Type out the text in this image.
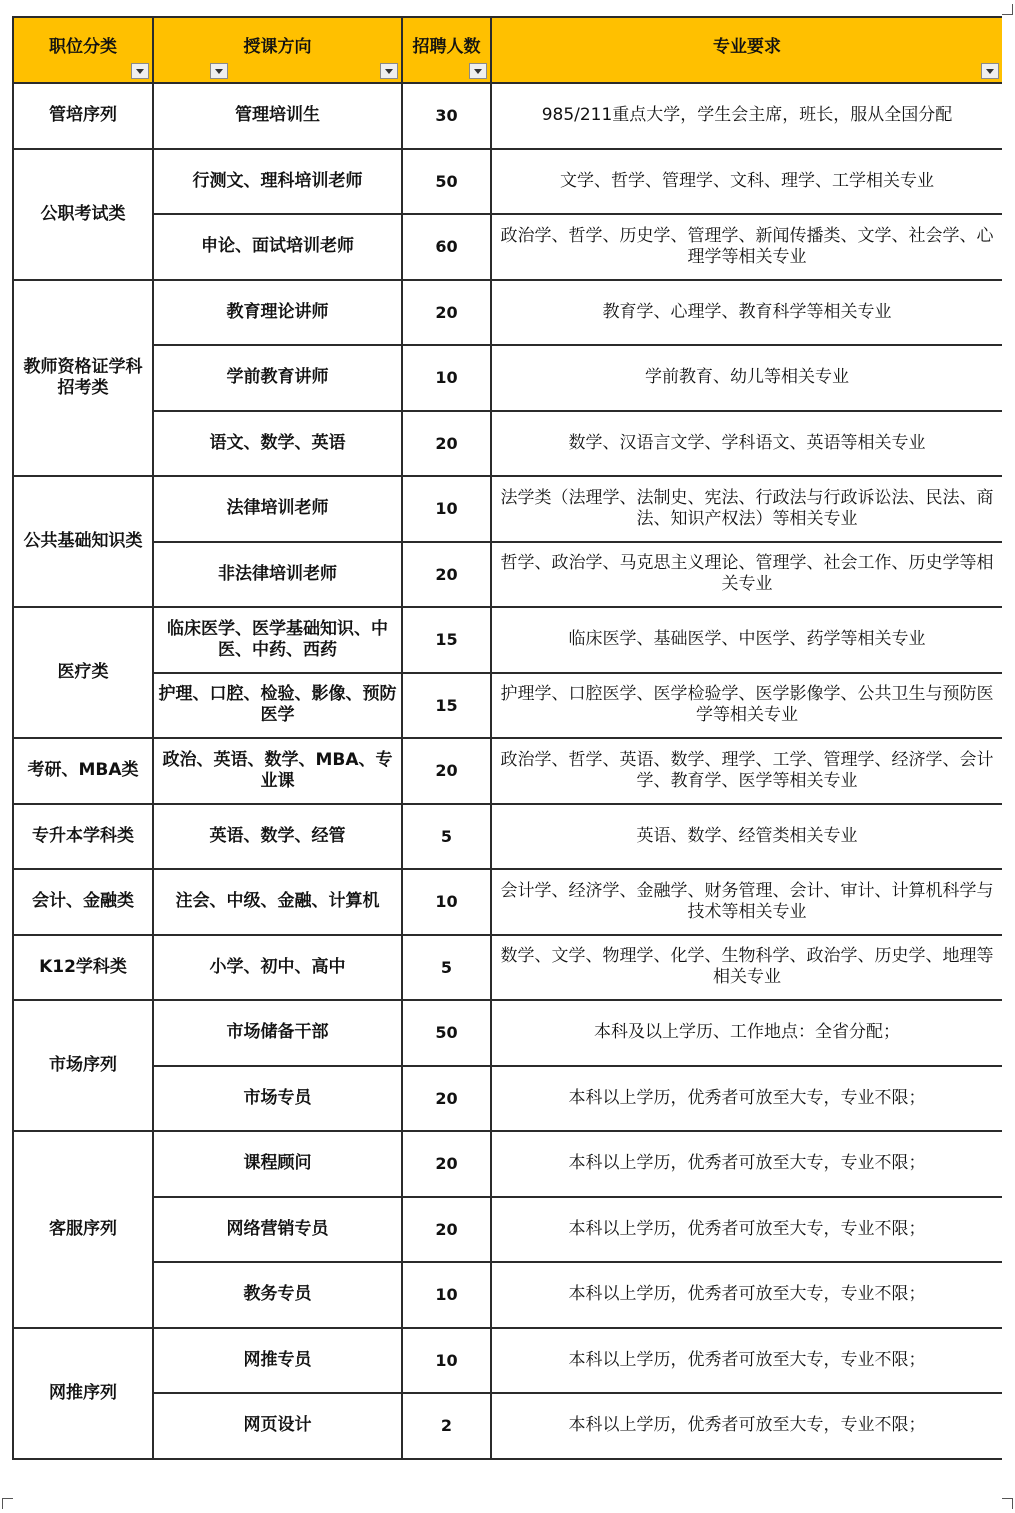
职位分类	授课方向	招聘人数	专业要求

管培序列	管理培训生	30	985/211重点大学，学生会主席，班长，服从全国分配
公职考试类	行测文、理科培训老师	50	文学、哲学、管理学、文科、理学、工学相关专业
	申论、面试培训老师	60	政治学、哲学、历史学、管理学、新闻传播类、文学、社会学、心理学等相关专业
教师资格证学科招考类	教育理论讲师	20	教育学、心理学、教育科学等相关专业
	学前教育讲师	10	学前教育、幼儿等相关专业
	语文、数学、英语	20	数学、汉语言文学、学科语文、英语等相关专业
公共基础知识类	法律培训老师	10	法学类（法理学、法制史、宪法、行政法与行政诉讼法、民法、商法、知识产权法）等相关专业
	非法律培训老师	20	哲学、政治学、马克思主义理论、管理学、社会工作、历史学等相关专业
医疗类	临床医学、医学基础知识、中医、中药、西药	15	临床医学、基础医学、中医学、药学等相关专业
	护理、口腔、检验、影像、预防医学	15	护理学、口腔医学、医学检验学、医学影像学、公共卫生与预防医学等相关专业
考研、MBA类	政治、英语、数学、MBA、专业课	20	政治学、哲学、英语、数学、理学、工学、管理学、经济学、会计学、教育学、医学等相关专业
专升本学科类	英语、数学、经管	5	英语、数学、经管类相关专业
会计、金融类	注会、中级、金融、计算机	10	会计学、经济学、金融学、财务管理、会计、审计、计算机科学与技术等相关专业
K12学科类	小学、初中、高中	5	数学、文学、物理学、化学、生物科学、政治学、历史学、地理等相关专业
市场序列	市场储备干部	50	本科及以上学历、工作地点：全省分配；
	市场专员	20	本科以上学历，优秀者可放至大专，专业不限；
客服序列	课程顾问	20	本科以上学历，优秀者可放至大专，专业不限；
	网络营销专员	20	本科以上学历，优秀者可放至大专，专业不限；
	教务专员	10	本科以上学历，优秀者可放至大专，专业不限；
网推序列	网推专员	10	本科以上学历，优秀者可放至大专，专业不限；
	网页设计	2	本科以上学历，优秀者可放至大专，专业不限；
